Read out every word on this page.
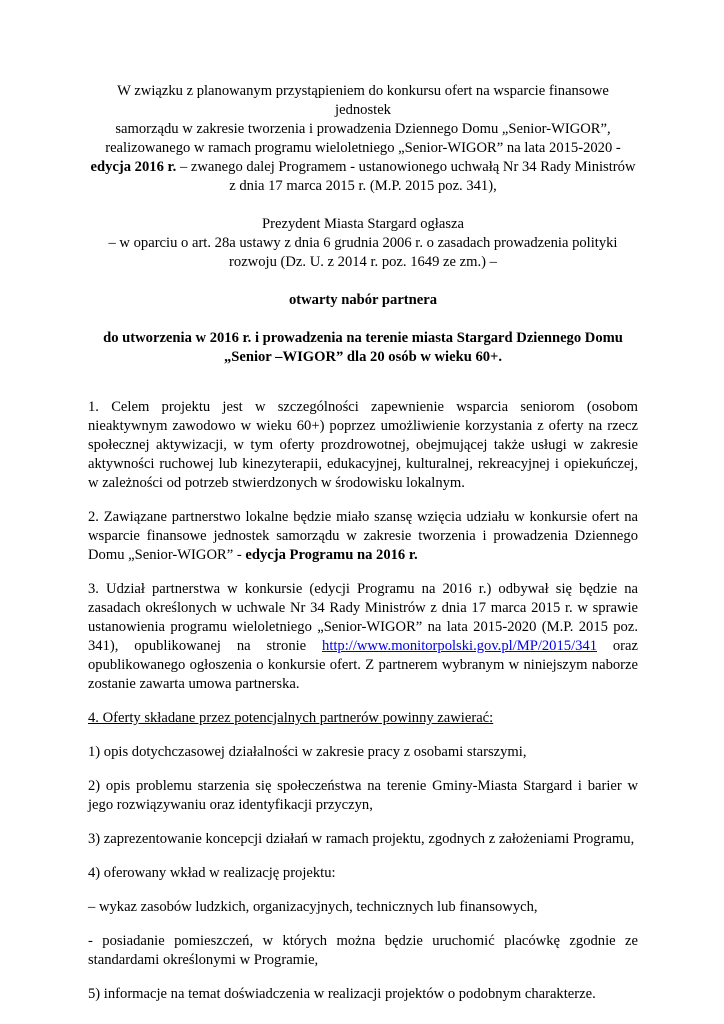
W związku z planowanym przystąpieniem do konkursu ofert na wsparcie finansowe jednostek
samorządu w zakresie tworzenia i prowadzenia Dziennego Domu „Senior-WIGOR”,
realizowanego w ramach programu wieloletniego „Senior-WIGOR” na lata 2015-2020 -
edycja 2016 r. – zwanego dalej Programem - ustanowionego uchwałą Nr 34 Rady Ministrów
z dnia 17 marca 2015 r. (M.P. 2015 poz. 341),
Prezydent Miasta Stargard ogłasza
– w oparciu o art. 28a ustawy z dnia 6 grudnia 2006 r. o zasadach prowadzenia polityki
rozwoju (Dz. U. z 2014 r. poz. 1649 ze zm.) –

otwarty nabór partnera

do utworzenia w 2016 r. i prowadzenia na terenie miasta Stargard Dziennego Domu
„Senior –WIGOR” dla 20 osób w wieku 60+.

1. Celem projektu jest w szczególności zapewnienie wsparcia seniorom (osobom nieaktywnym zawodowo w wieku 60+) poprzez umożliwienie korzystania z oferty na rzecz społecznej aktywizacji, w tym oferty prozdrowotnej, obejmującej także usługi w zakresie aktywności ruchowej lub kinezyterapii, edukacyjnej, kulturalnej, rekreacyjnej i opiekuńczej, w zależności od potrzeb stwierdzonych w środowisku lokalnym.

2. Zawiązane partnerstwo lokalne będzie miało szansę wzięcia udziału w konkursie ofert na wsparcie finansowe jednostek samorządu w zakresie tworzenia i prowadzenia Dziennego Domu „Senior-WIGOR” - edycja Programu na 2016 r.

3. Udział partnerstwa w konkursie (edycji Programu na 2016 r.) odbywał się będzie na zasadach określonych w uchwale Nr 34 Rady Ministrów z dnia 17 marca 2015 r. w sprawie ustanowienia programu wieloletniego „Senior-WIGOR” na lata 2015-2020 (M.P. 2015 poz. 341), opublikowanej na stronie http://www.monitorpolski.gov.pl/MP/2015/341 oraz opublikowanego ogłoszenia o konkursie ofert. Z partnerem wybranym w niniejszym naborze zostanie zawarta umowa partnerska.

4. Oferty składane przez potencjalnych partnerów powinny zawierać:

1) opis dotychczasowej działalności w zakresie pracy z osobami starszymi,

2) opis problemu starzenia się społeczeństwa na terenie Gminy-Miasta Stargard i barier w jego rozwiązywaniu oraz identyfikacji przyczyn,

3) zaprezentowanie koncepcji działań w ramach projektu, zgodnych z założeniami Programu,

4) oferowany wkład w realizację projektu:

– wykaz zasobów ludzkich, organizacyjnych, technicznych lub finansowych,

- posiadanie pomieszczeń, w których można będzie uruchomić placówkę zgodnie ze standardami określonymi w Programie,

5) informacje na temat doświadczenia w realizacji projektów o podobnym charakterze.
